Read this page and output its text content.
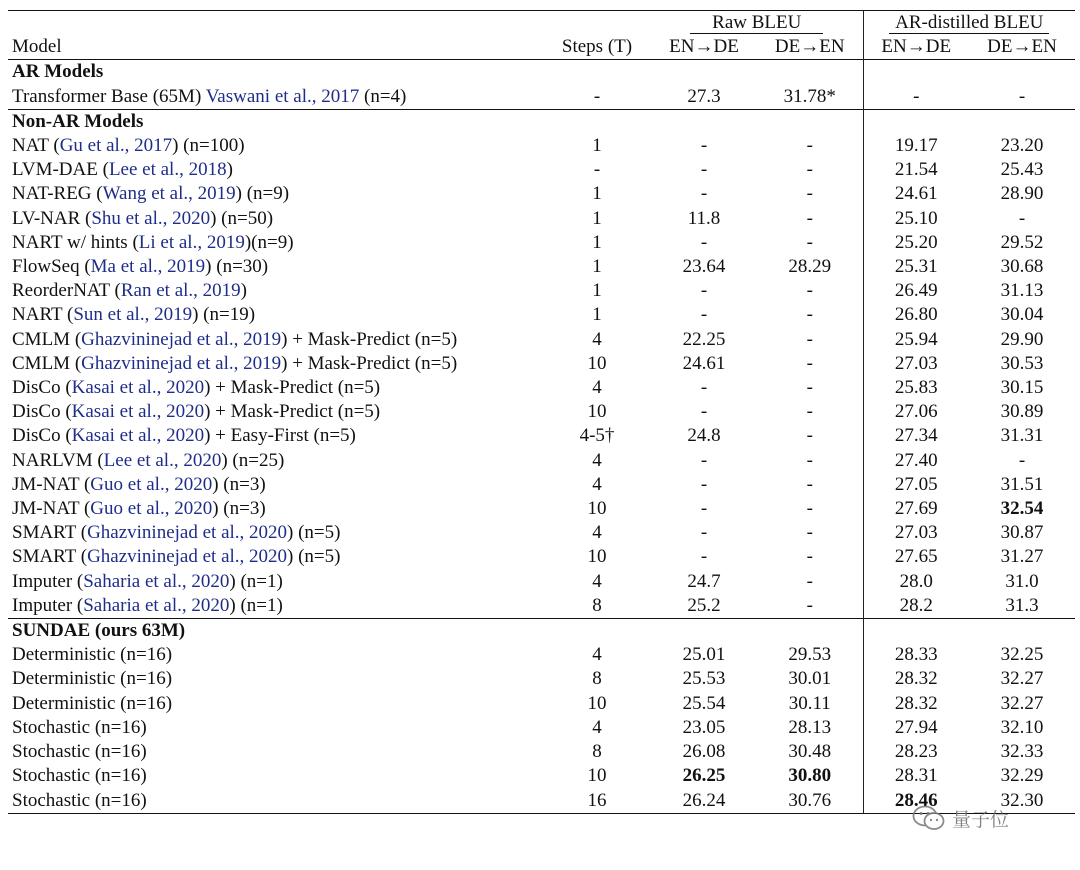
		Raw BLEU		AR-distilled BLEU	
Model	Steps (T)	EN→DE	DE→EN	EN→DE	DE→EN
AR Models					
Transformer Base (65M) Vaswani et al., 2017 (n=4)	-	27.3	31.78*	-	-
Non-AR Models					
NAT (Gu et al., 2017) (n=100)	1	-	-	19.17	23.20
LVM-DAE (Lee et al., 2018)	-	-	-	21.54	25.43
NAT-REG (Wang et al., 2019) (n=9)	1	-	-	24.61	28.90
LV-NAR (Shu et al., 2020) (n=50)	1	11.8	-	25.10	-
NART w/ hints (Li et al., 2019)(n=9)	1	-	-	25.20	29.52
FlowSeq (Ma et al., 2019) (n=30)	1	23.64	28.29	25.31	30.68
ReorderNAT (Ran et al., 2019)	1	-	-	26.49	31.13
NART (Sun et al., 2019) (n=19)	1	-	-	26.80	30.04
CMLM (Ghazvininejad et al., 2019) + Mask-Predict (n=5)	4	22.25	-	25.94	29.90
CMLM (Ghazvininejad et al., 2019) + Mask-Predict (n=5)	10	24.61	-	27.03	30.53
DisCo (Kasai et al., 2020) + Mask-Predict (n=5)	4	-	-	25.83	30.15
DisCo (Kasai et al., 2020) + Mask-Predict (n=5)	10	-	-	27.06	30.89
DisCo (Kasai et al., 2020) + Easy-First (n=5)	4-5†	24.8	-	27.34	31.31
NARLVM (Lee et al., 2020) (n=25)	4	-	-	27.40	-
JM-NAT (Guo et al., 2020) (n=3)	4	-	-	27.05	31.51
JM-NAT (Guo et al., 2020) (n=3)	10	-	-	27.69	32.54
SMART (Ghazvininejad et al., 2020) (n=5)	4	-	-	27.03	30.87
SMART (Ghazvininejad et al., 2020) (n=5)	10	-	-	27.65	31.27
Imputer (Saharia et al., 2020) (n=1)	4	24.7	-	28.0	31.0
Imputer (Saharia et al., 2020) (n=1)	8	25.2	-	28.2	31.3
SUNDAE (ours 63M)					
Deterministic (n=16)	4	25.01	29.53	28.33	32.25
Deterministic (n=16)	8	25.53	30.01	28.32	32.27
Deterministic (n=16)	10	25.54	30.11	28.32	32.27
Stochastic (n=16)	4	23.05	28.13	27.94	32.10
Stochastic (n=16)	8	26.08	30.48	28.23	32.33
Stochastic (n=16)	10	26.25	30.80	28.31	32.29
Stochastic (n=16)	16	26.24	30.76	28.46	32.30
量子位
